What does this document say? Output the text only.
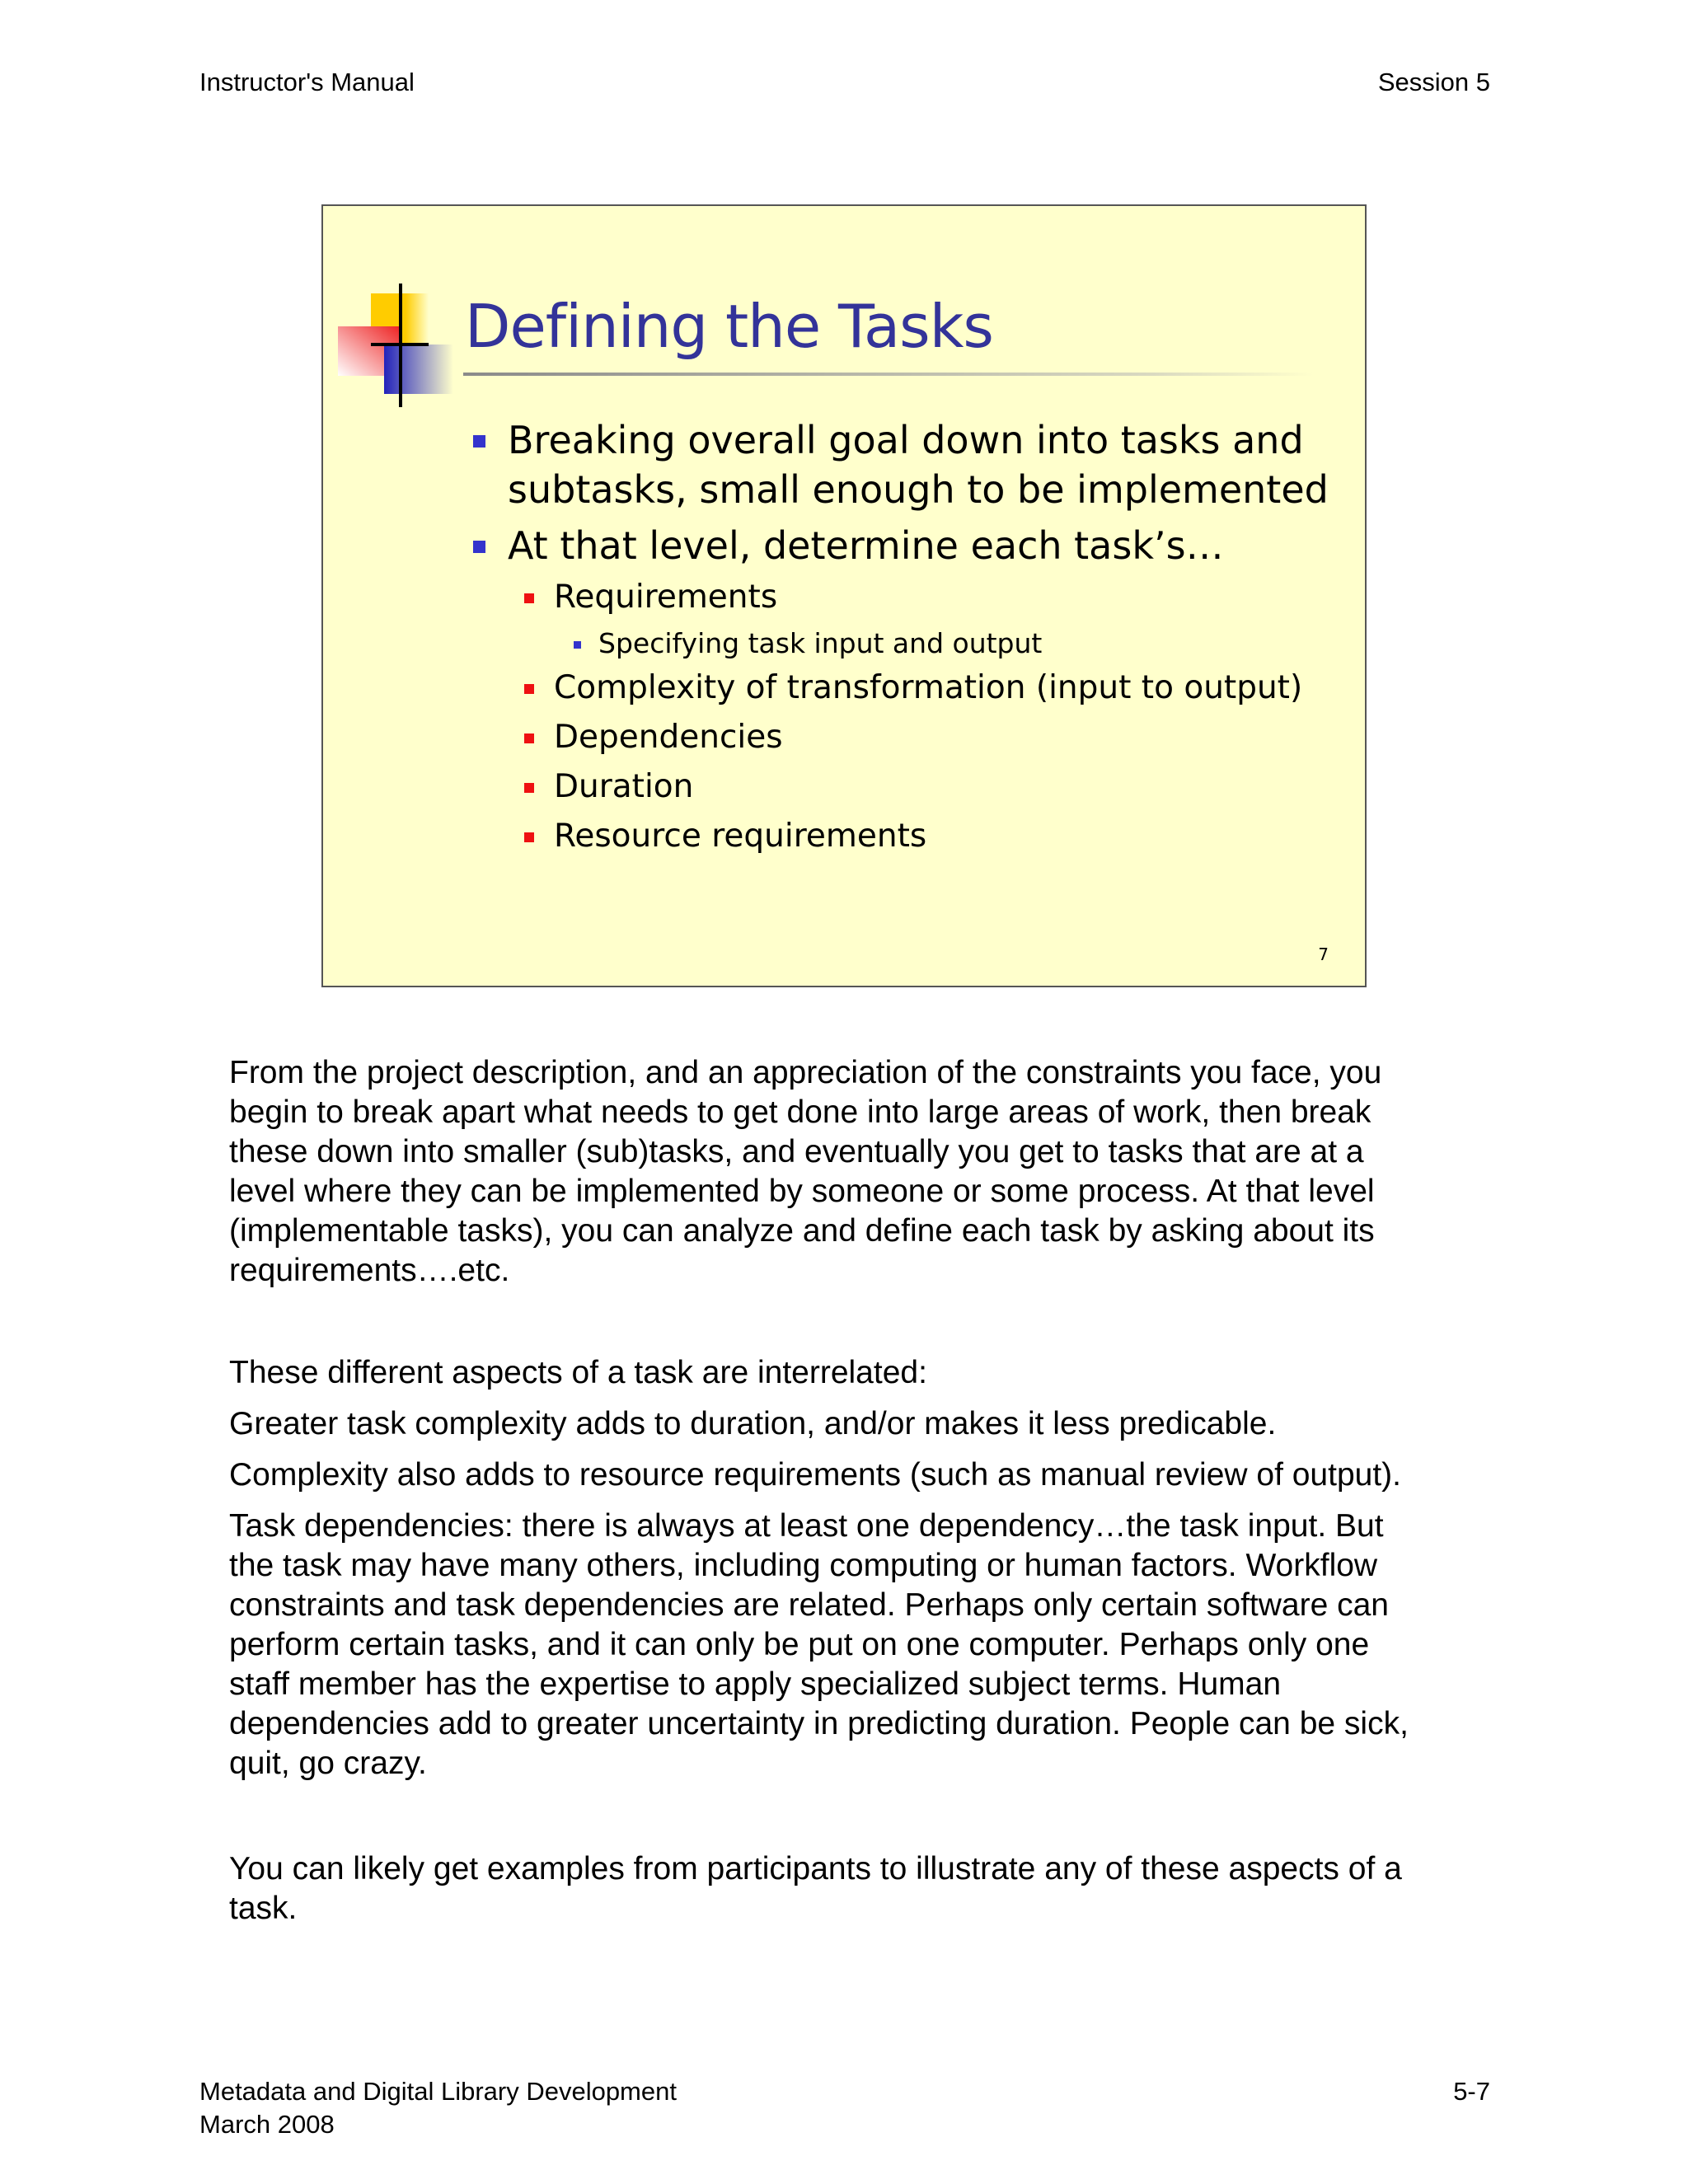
Instructor's Manual	Session 5
Defining the Tasks
Breaking overall goal down into tasks and
subtasks, small enough to be implemented
At that level, determine each task’s…
Requirements
Specifying task input and output
Complexity of transformation (input to output)
Dependencies
Duration
Resource requirements
7
From the project description, and an appreciation of the constraints you face, you
begin to break apart what needs to get done into large areas of work, then break
these down into smaller (sub)tasks, and eventually you get to tasks that are at a
level where they can be implemented by someone or some process. At that level
(implementable tasks), you can analyze and define each task by asking about its
requirements….etc.
These different aspects of a task are interrelated:
Greater task complexity adds to duration, and/or makes it less predicable.
Complexity also adds to resource requirements (such as manual review of output).
Task dependencies: there is always at least one dependency…the task input. But
the task may have many others, including computing or human factors. Workflow
constraints and task dependencies are related. Perhaps only certain software can
perform certain tasks, and it can only be put on one computer. Perhaps only one
staff member has the expertise to apply specialized subject terms. Human
dependencies add to greater uncertainty in predicting duration. People can be sick,
quit, go crazy.
You can likely get examples from participants to illustrate any of these aspects of a
task.
Metadata and Digital Library Development
March 2008
5-7
